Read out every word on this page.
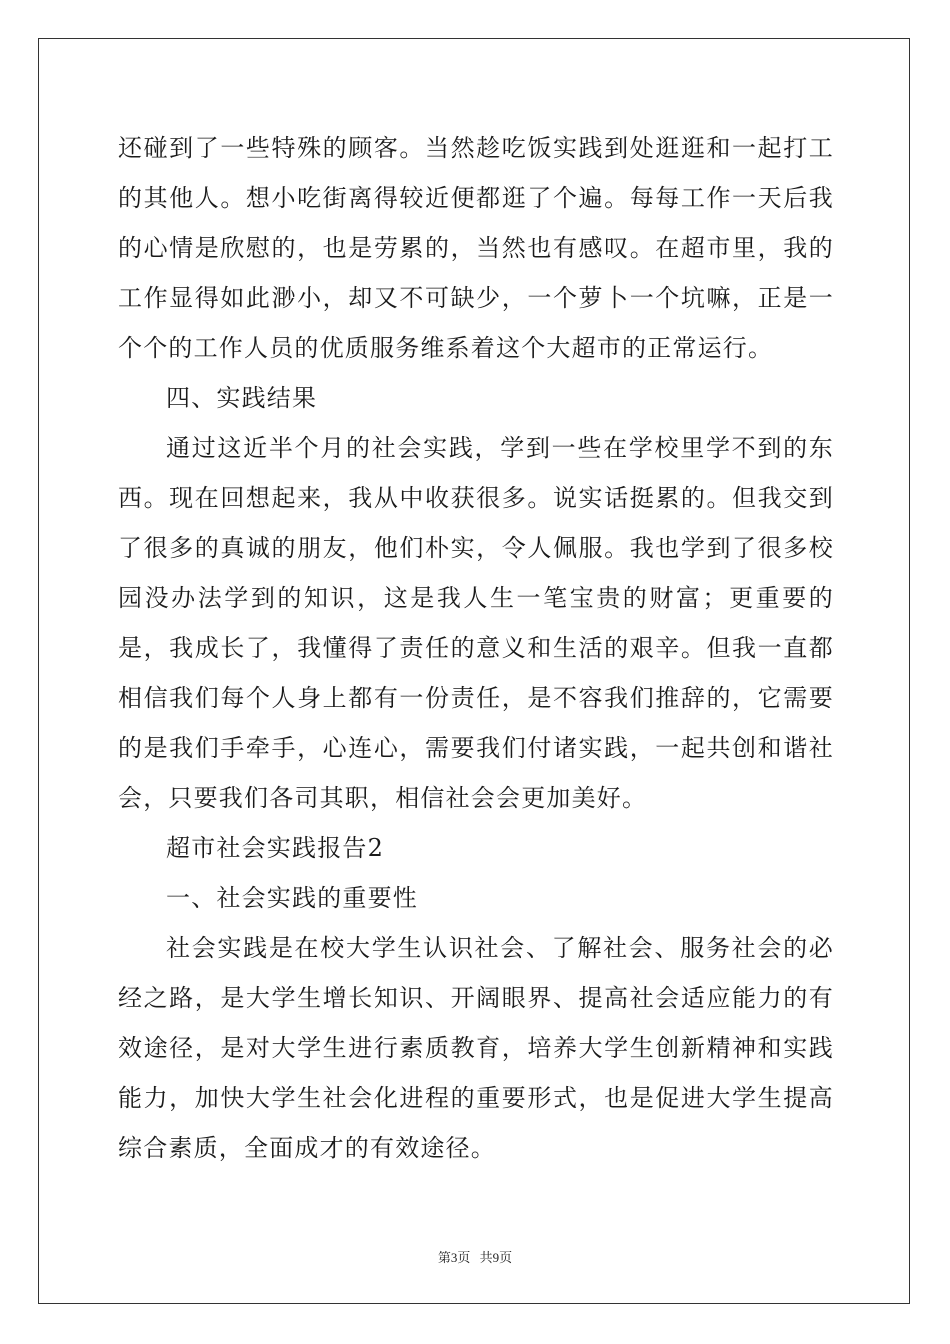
还碰到了一些特殊的顾客。当然趁吃饭实践到处逛逛和一起打工的其他人。想小吃街离得较近便都逛了个遍。每每工作一天后我的心情是欣慰的，也是劳累的，当然也有感叹。在超市里，我的工作显得如此渺小，却又不可缺少，一个萝卜一个坑嘛，正是一个个的工作人员的优质服务维系着这个大超市的正常运行。

四、实践结果

通过这近半个月的社会实践，学到一些在学校里学不到的东西。现在回想起来，我从中收获很多。说实话挺累的。但我交到了很多的真诚的朋友，他们朴实，令人佩服。我也学到了很多校园没办法学到的知识，这是我人生一笔宝贵的财富；更重要的是，我成长了，我懂得了责任的意义和生活的艰辛。但我一直都相信我们每个人身上都有一份责任，是不容我们推辞的，它需要的是我们手牵手，心连心，需要我们付诸实践，一起共创和谐社会，只要我们各司其职，相信社会会更加美好。

超市社会实践报告2

一、社会实践的重要性

社会实践是在校大学生认识社会、了解社会、服务社会的必经之路，是大学生增长知识、开阔眼界、提高社会适应能力的有效途径，是对大学生进行素质教育，培养大学生创新精神和实践能力，加快大学生社会化进程的重要形式，也是促进大学生提高综合素质，全面成才的有效途径。

第3页 共9页
